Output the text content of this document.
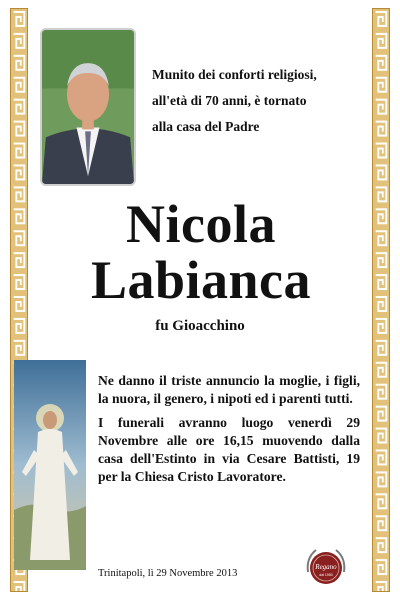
Munito dei conforti religiosi,

all'età di 70 anni, è tornato

alla casa del Padre

Nicola
Labianca
fu Gioacchino

Ne danno il triste annuncio la moglie, i figli, la nuora, il genero, i nipoti ed i parenti tutti.

I funerali avranno luogo venerdì 29 Novembre alle ore 16,15 muovendo dalla casa dell'Estinto in via Cesare Battisti, 19 per la Chiesa Cristo Lavoratore.

Trinitapoli, lì 29 Novembre 2013
Regano
dal 1950
